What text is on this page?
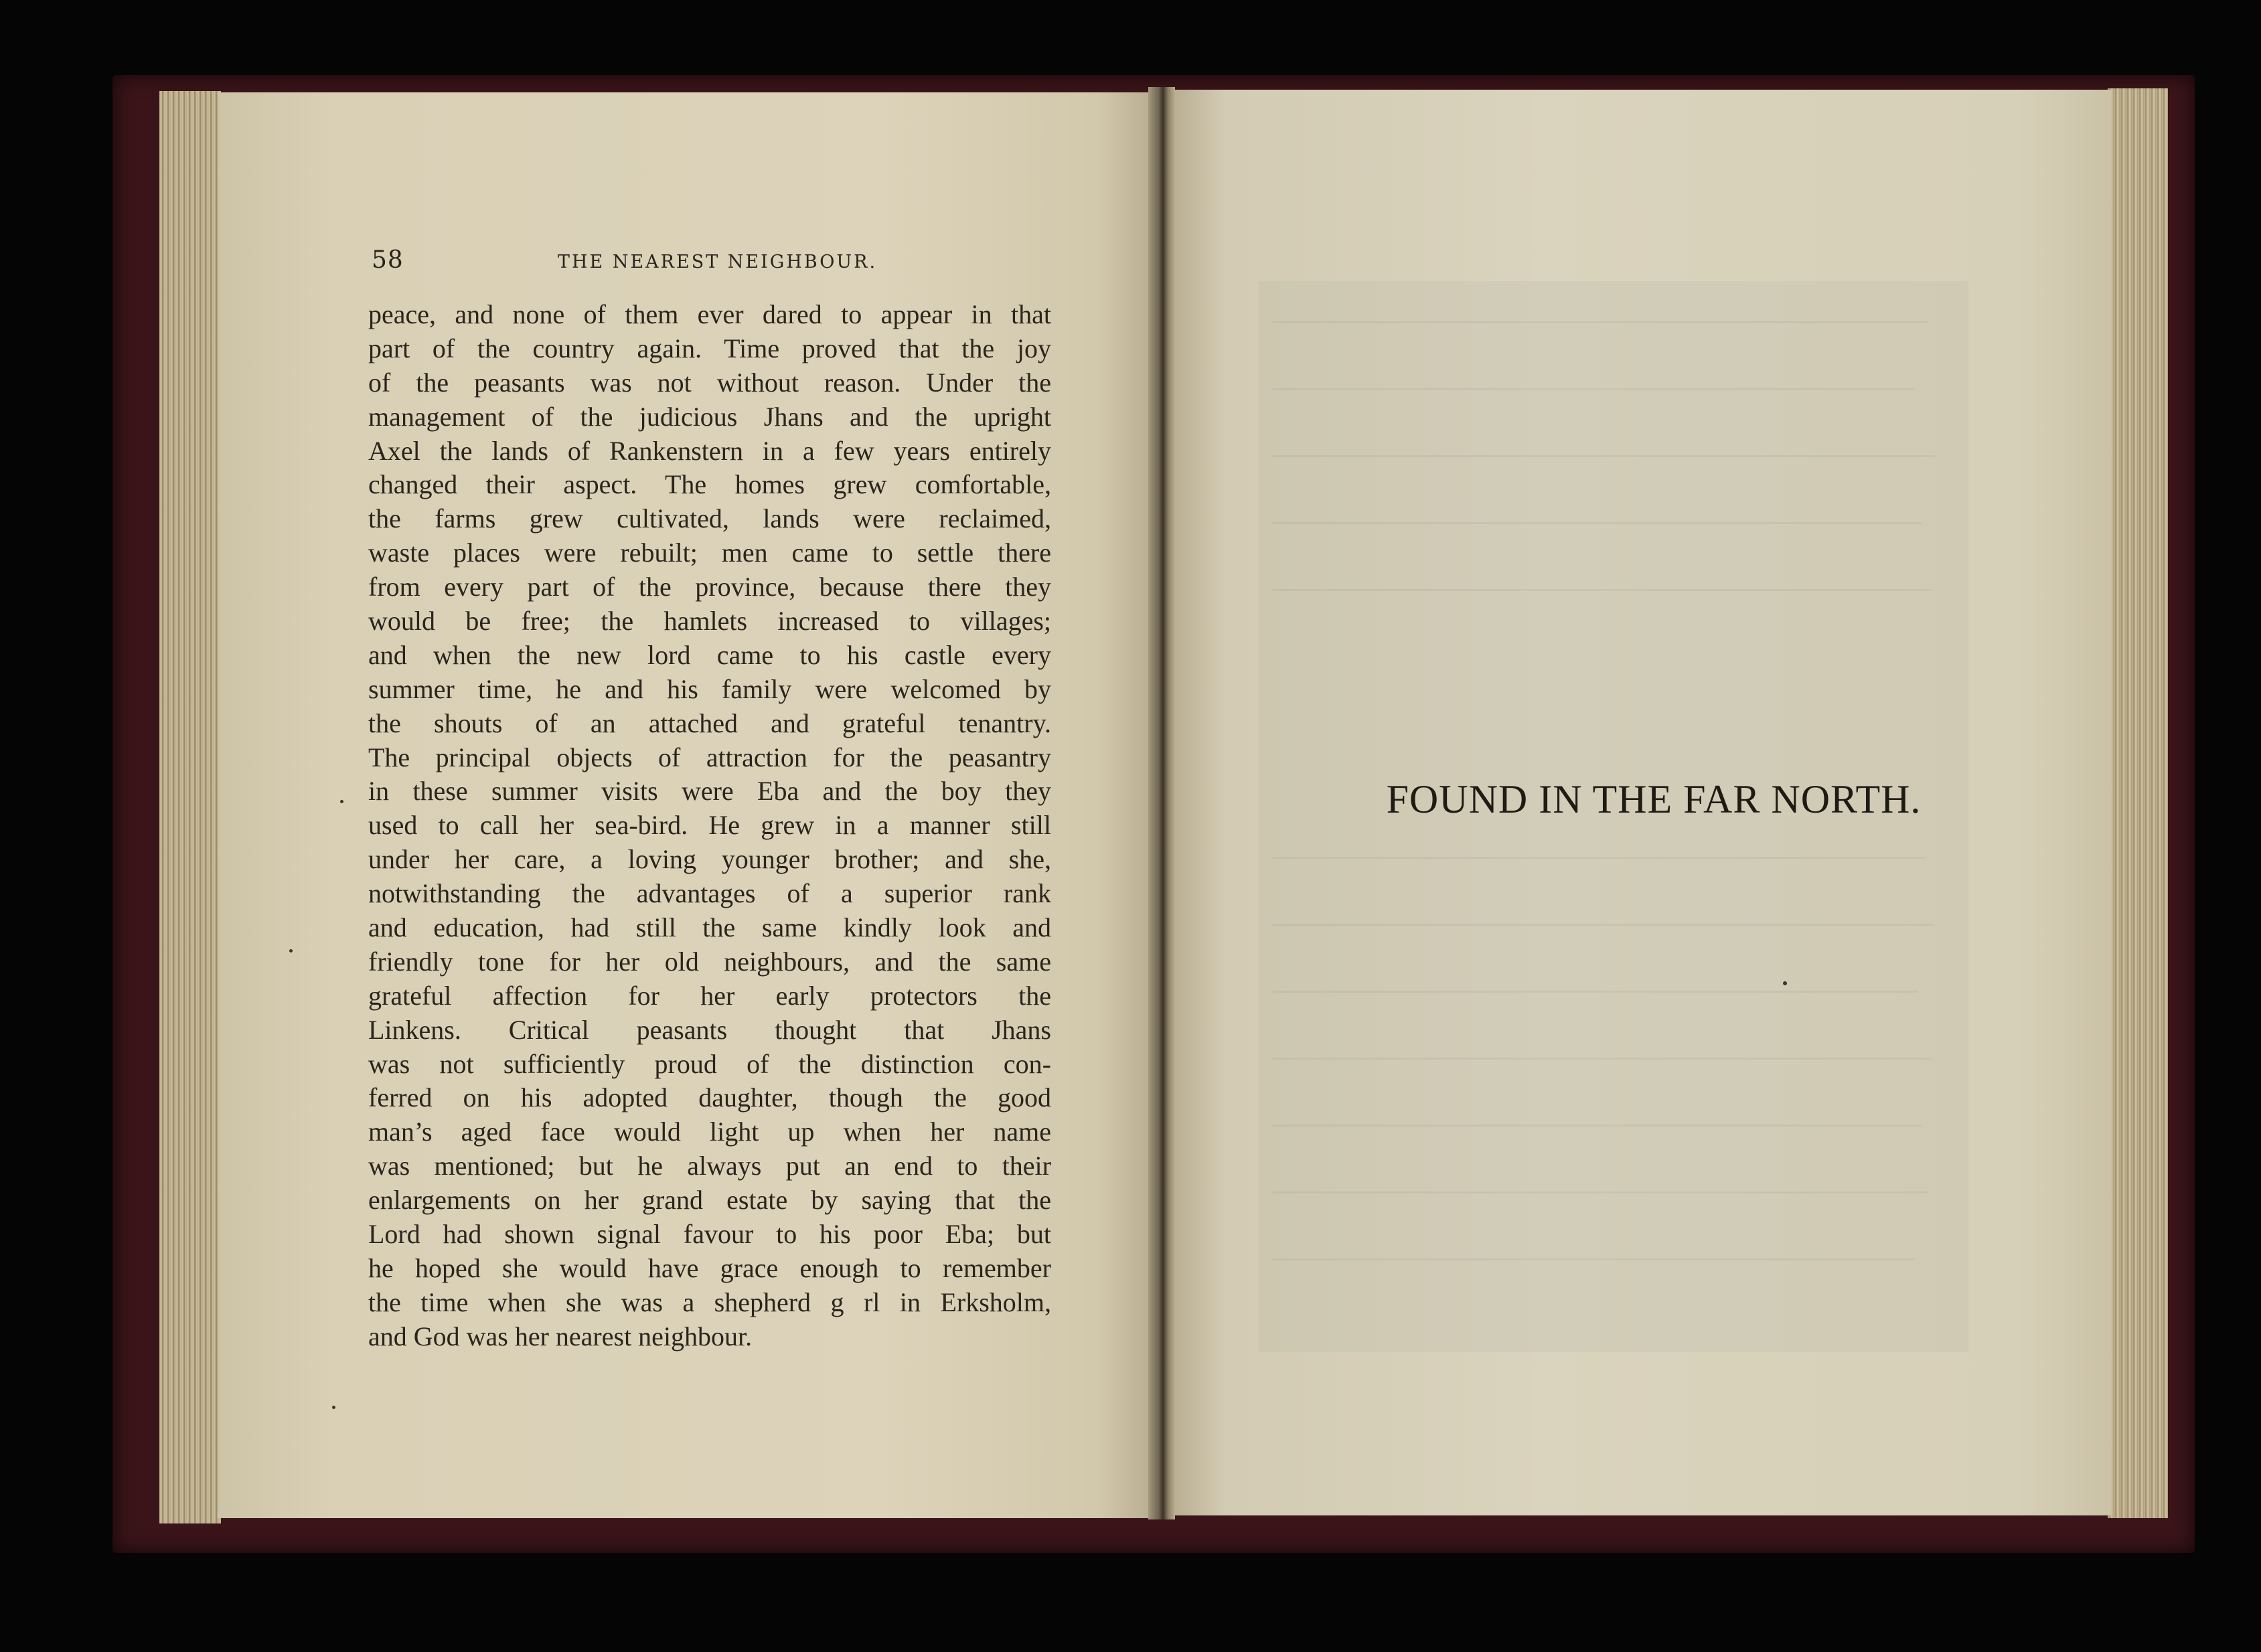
58	THE NEAREST NEIGHBOUR.
peace, and none of them ever dared to appear in that
part of the country again. Time proved that the joy
of the peasants was not without reason. Under the
management of the judicious Jhans and the upright
Axel the lands of Rankenstern in a few years entirely
changed their aspect. The homes grew comfortable,
the farms grew cultivated, lands were reclaimed,
waste places were rebuilt; men came to settle there
from every part of the province, because there they
would be free; the hamlets increased to villages;
and when the new lord came to his castle every
summer time, he and his family were welcomed by
the shouts of an attached and grateful tenantry.
The principal objects of attraction for the peasantry
in these summer visits were Eba and the boy they
used to call her sea-bird. He grew in a manner still
under her care, a loving younger brother; and she,
notwithstanding the advantages of a superior rank
and education, had still the same kindly look and
friendly tone for her old neighbours, and the same
grateful affection for her early protectors the
Linkens. Critical peasants thought that Jhans
was not sufficiently proud of the distinction con-
ferred on his adopted daughter, though the good
man’s aged face would light up when her name
was mentioned; but he always put an end to their
enlargements on her grand estate by saying that the
Lord had shown signal favour to his poor Eba; but
he hoped she would have grace enough to remember
the time when she was a shepherd g rl in Erksholm,
and God was her nearest neighbour.
FOUND IN THE FAR NORTH.
